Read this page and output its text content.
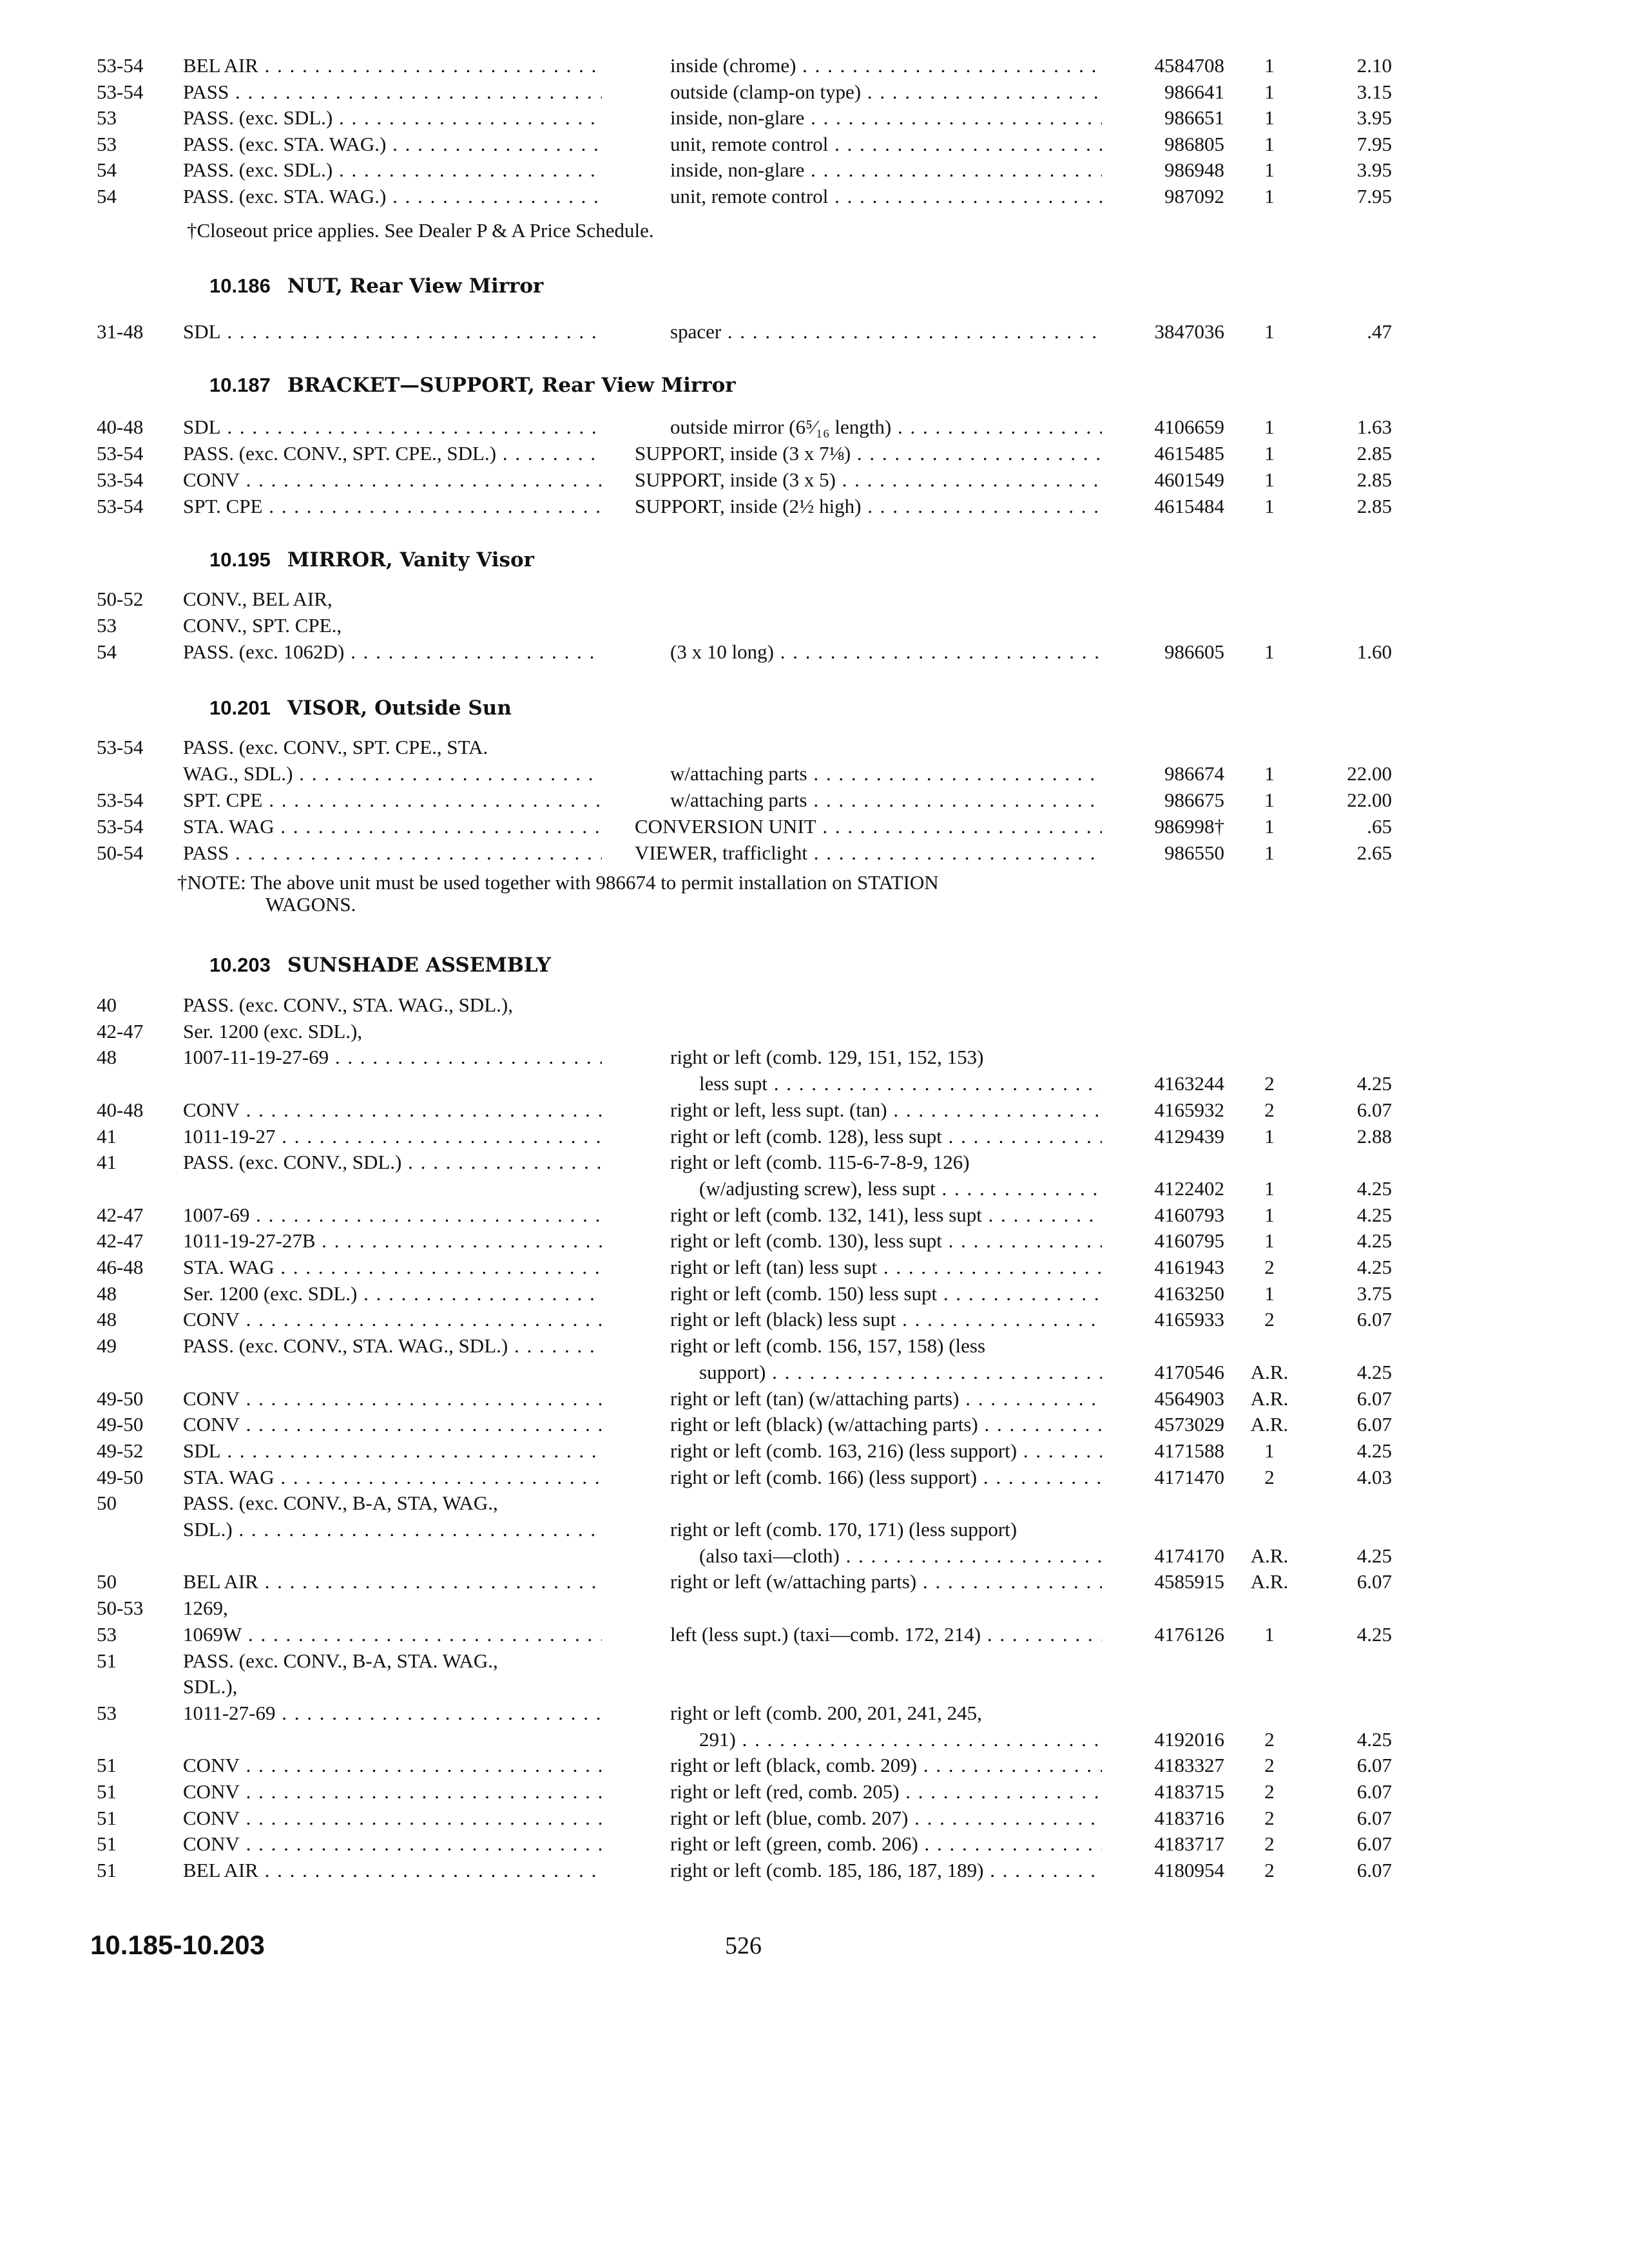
53-54	BEL AIR . . .	inside (chrome) . . .	4584708	1	2.10
53-54	PASS . . .	outside (clamp-on type) . . .	986641	1	3.15
53	PASS. (exc. SDL.) . . .	inside, non-glare . . .	986651	1	3.95
53	PASS. (exc. STA. WAG.) . . .	unit, remote control . . .	986805	1	7.95
54	PASS. (exc. SDL.) . . .	inside, non-glare . . .	986948	1	3.95
54	PASS. (exc. STA. WAG.) . . .	unit, remote control . . .	987092	1	7.95
†Closeout price applies. See Dealer P & A Price Schedule.
10.186 NUT, Rear View Mirror
31-48	SDL . . .	spacer . . .	3847036	1	.47
10.187 BRACKET—SUPPORT, Rear View Mirror
40-48	SDL . . .	outside mirror (6⁵⁄₁₆ length) . . .	4106659	1	1.63
53-54	PASS. (exc. CONV., SPT. CPE., SDL.) . . .	SUPPORT, inside (3 x 7⅛) . . .	4615485	1	2.85
53-54	CONV . . .	SUPPORT, inside (3 x 5) . . .	4601549	1	2.85
53-54	SPT. CPE . . .	SUPPORT, inside (2½ high) . . .	4615484	1	2.85
10.195 MIRROR, Vanity Visor
50-52	CONV., BEL AIR,
53	CONV., SPT. CPE.,
54	PASS. (exc. 1062D) . . .	(3 x 10 long) . . .	986605	1	1.60
10.201 VISOR, Outside Sun
53-54	PASS. (exc. CONV., SPT. CPE., STA.
WAG., SDL.) . . .	w/attaching parts . . .	986674	1	22.00
53-54	SPT. CPE . . .	w/attaching parts . . .	986675	1	22.00
53-54	STA. WAG . . .	CONVERSION UNIT . . .	986998†	1	.65
50-54	PASS . . .	VIEWER, trafficlight . . .	986550	1	2.65
†NOTE: The above unit must be used together with 986674 to permit installation on STATION
WAGONS.
10.203 SUNSHADE ASSEMBLY
40	PASS. (exc. CONV., STA. WAG., SDL.),
42-47	Ser. 1200 (exc. SDL.),
48	1007-11-19-27-69 . . .	right or left (comb. 129, 151, 152, 153)
less supt . . .	4163244	2	4.25
40-48	CONV . . .	right or left, less supt. (tan) . . .	4165932	2	6.07
41	1011-19-27 . . .	right or left (comb. 128), less supt . . .	4129439	1	2.88
41	PASS. (exc. CONV., SDL.) . . .	right or left (comb. 115-6-7-8-9, 126)
(w/adjusting screw), less supt . . .	4122402	1	4.25
42-47	1007-69 . . .	right or left (comb. 132, 141), less supt . . .	4160793	1	4.25
42-47	1011-19-27-27B . . .	right or left (comb. 130), less supt . . .	4160795	1	4.25
46-48	STA. WAG . . .	right or left (tan) less supt . . .	4161943	2	4.25
48	Ser. 1200 (exc. SDL.) . . .	right or left (comb. 150) less supt . . .	4163250	1	3.75
48	CONV . . .	right or left (black) less supt . . .	4165933	2	6.07
49	PASS. (exc. CONV., STA. WAG., SDL.) . . .	right or left (comb. 156, 157, 158) (less
support) . . .	4170546	A.R.	4.25
49-50	CONV . . .	right or left (tan) (w/attaching parts) . . .	4564903	A.R.	6.07
49-50	CONV . . .	right or left (black) (w/attaching parts) . . .	4573029	A.R.	6.07
49-52	SDL . . .	right or left (comb. 163, 216) (less support) . . .	4171588	1	4.25
49-50	STA. WAG . . .	right or left (comb. 166) (less support) . . .	4171470	2	4.03
50	PASS. (exc. CONV., B-A, STA, WAG.,
SDL.) . . .	right or left (comb. 170, 171) (less support)
(also taxi—cloth) . . .	4174170	A.R.	4.25
50	BEL AIR . . .	right or left (w/attaching parts) . . .	4585915	A.R.	6.07
50-53	1269,
53	1069W . . .	left (less supt.) (taxi—comb. 172, 214) . . .	4176126	1	4.25
51	PASS. (exc. CONV., B-A, STA. WAG.,
SDL.),
53	1011-27-69 . . .	right or left (comb. 200, 201, 241, 245,
291) . . .	4192016	2	4.25
51	CONV . . .	right or left (black, comb. 209) . . .	4183327	2	6.07
51	CONV . . .	right or left (red, comb. 205) . . .	4183715	2	6.07
51	CONV . . .	right or left (blue, comb. 207) . . .	4183716	2	6.07
51	CONV . . .	right or left (green, comb. 206) . . .	4183717	2	6.07
51	BEL AIR . . .	right or left (comb. 185, 186, 187, 189) . . .	4180954	2	6.07
10.185-10.203	526
